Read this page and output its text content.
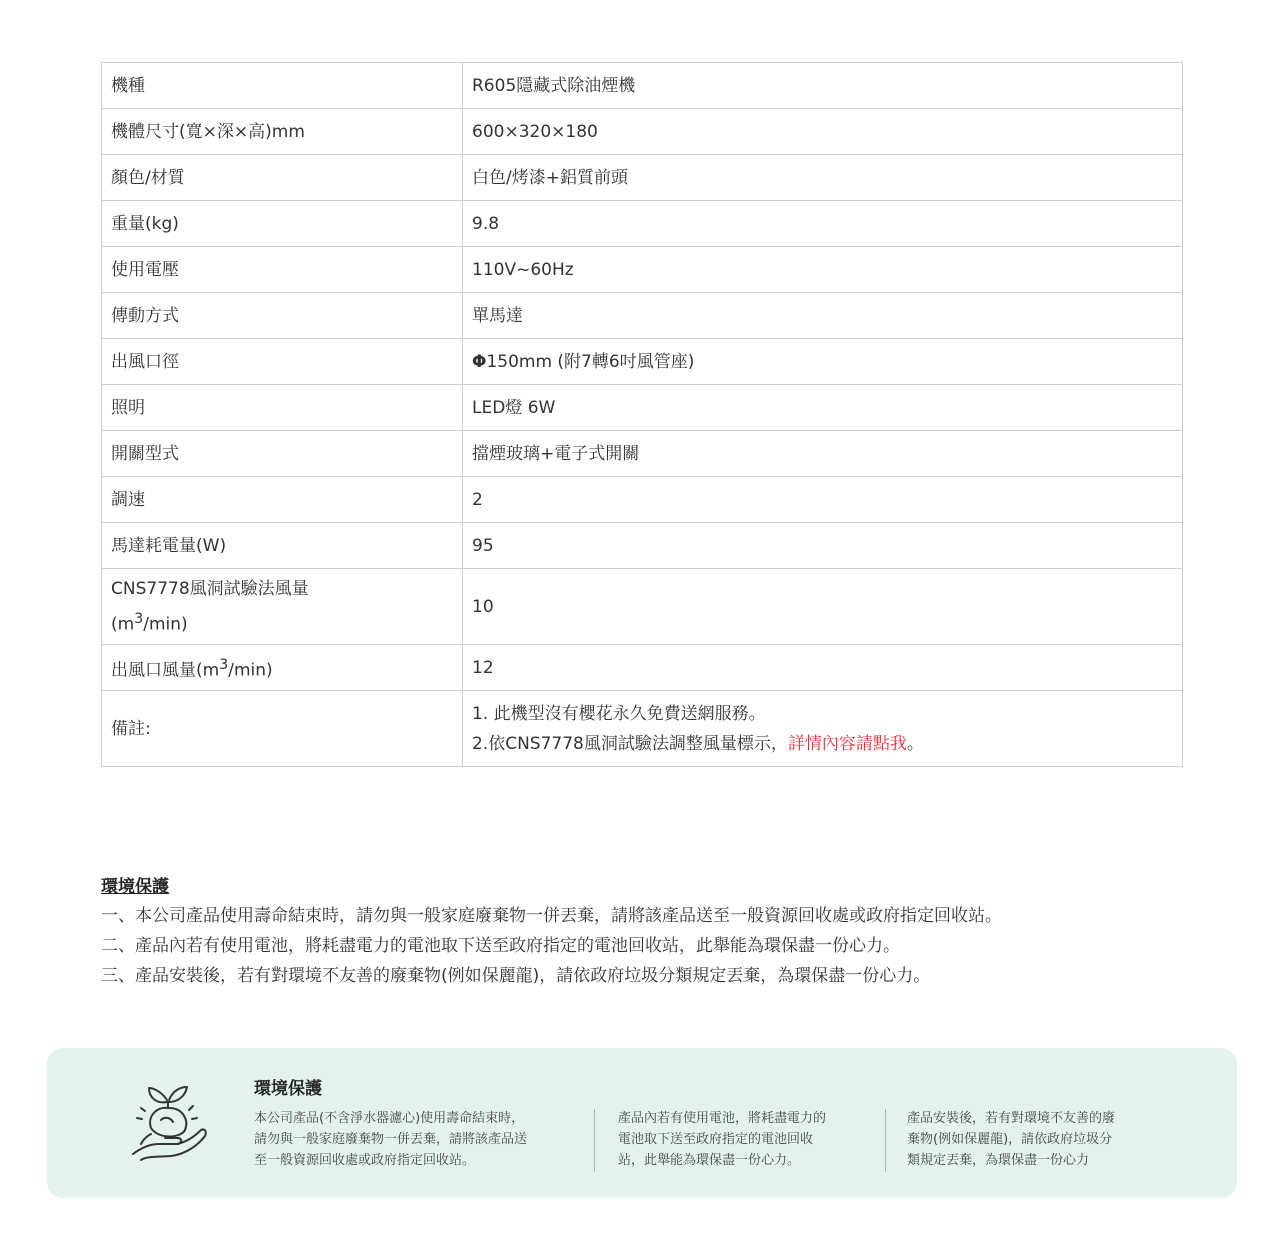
機種	R605隱藏式除油煙機
機體尺寸(寬×深×高)mm	600×320×180
顏色/材質	白色/烤漆+鋁質前頭
重量(kg)	9.8
使用電壓	110V~60Hz
傳動方式	單馬達
出風口徑	Φ150mm (附7轉6吋風管座)
照明	LED燈 6W
開關型式	擋煙玻璃+電子式開關
調速	2
馬達耗電量(W)	95
CNS7778風洞試驗法風量
$(m^3/\min)$	10
出風口風量$(m^3/\min)$	12
備註:	1. 此機型沒有櫻花永久免費送網服務。
2.依CNS7778風洞試驗法調整風量標示，詳情內容請點我。
環境保護
一、本公司產品使用壽命結束時，請勿與一般家庭廢棄物一併丟棄，請將該產品送至一般資源回收處或政府指定回收站。
二、產品內若有使用電池，將耗盡電力的電池取下送至政府指定的電池回收站，此舉能為環保盡一份心力。
三、產品安裝後，若有對環境不友善的廢棄物(例如保麗龍)，請依政府垃圾分類規定丟棄，為環保盡一份心力。
環境保護
本公司產品(不含淨水器濾心)使用壽命結束時，
請勿與一般家庭廢棄物一併丟棄，請將該產品送
至一般資源回收處或政府指定回收站。
產品內若有使用電池，將耗盡電力的
電池取下送至政府指定的電池回收
站，此舉能為環保盡一份心力。
產品安裝後，若有對環境不友善的廢
棄物(例如保麗龍)，請依政府垃圾分
類規定丟棄，為環保盡一份心力
